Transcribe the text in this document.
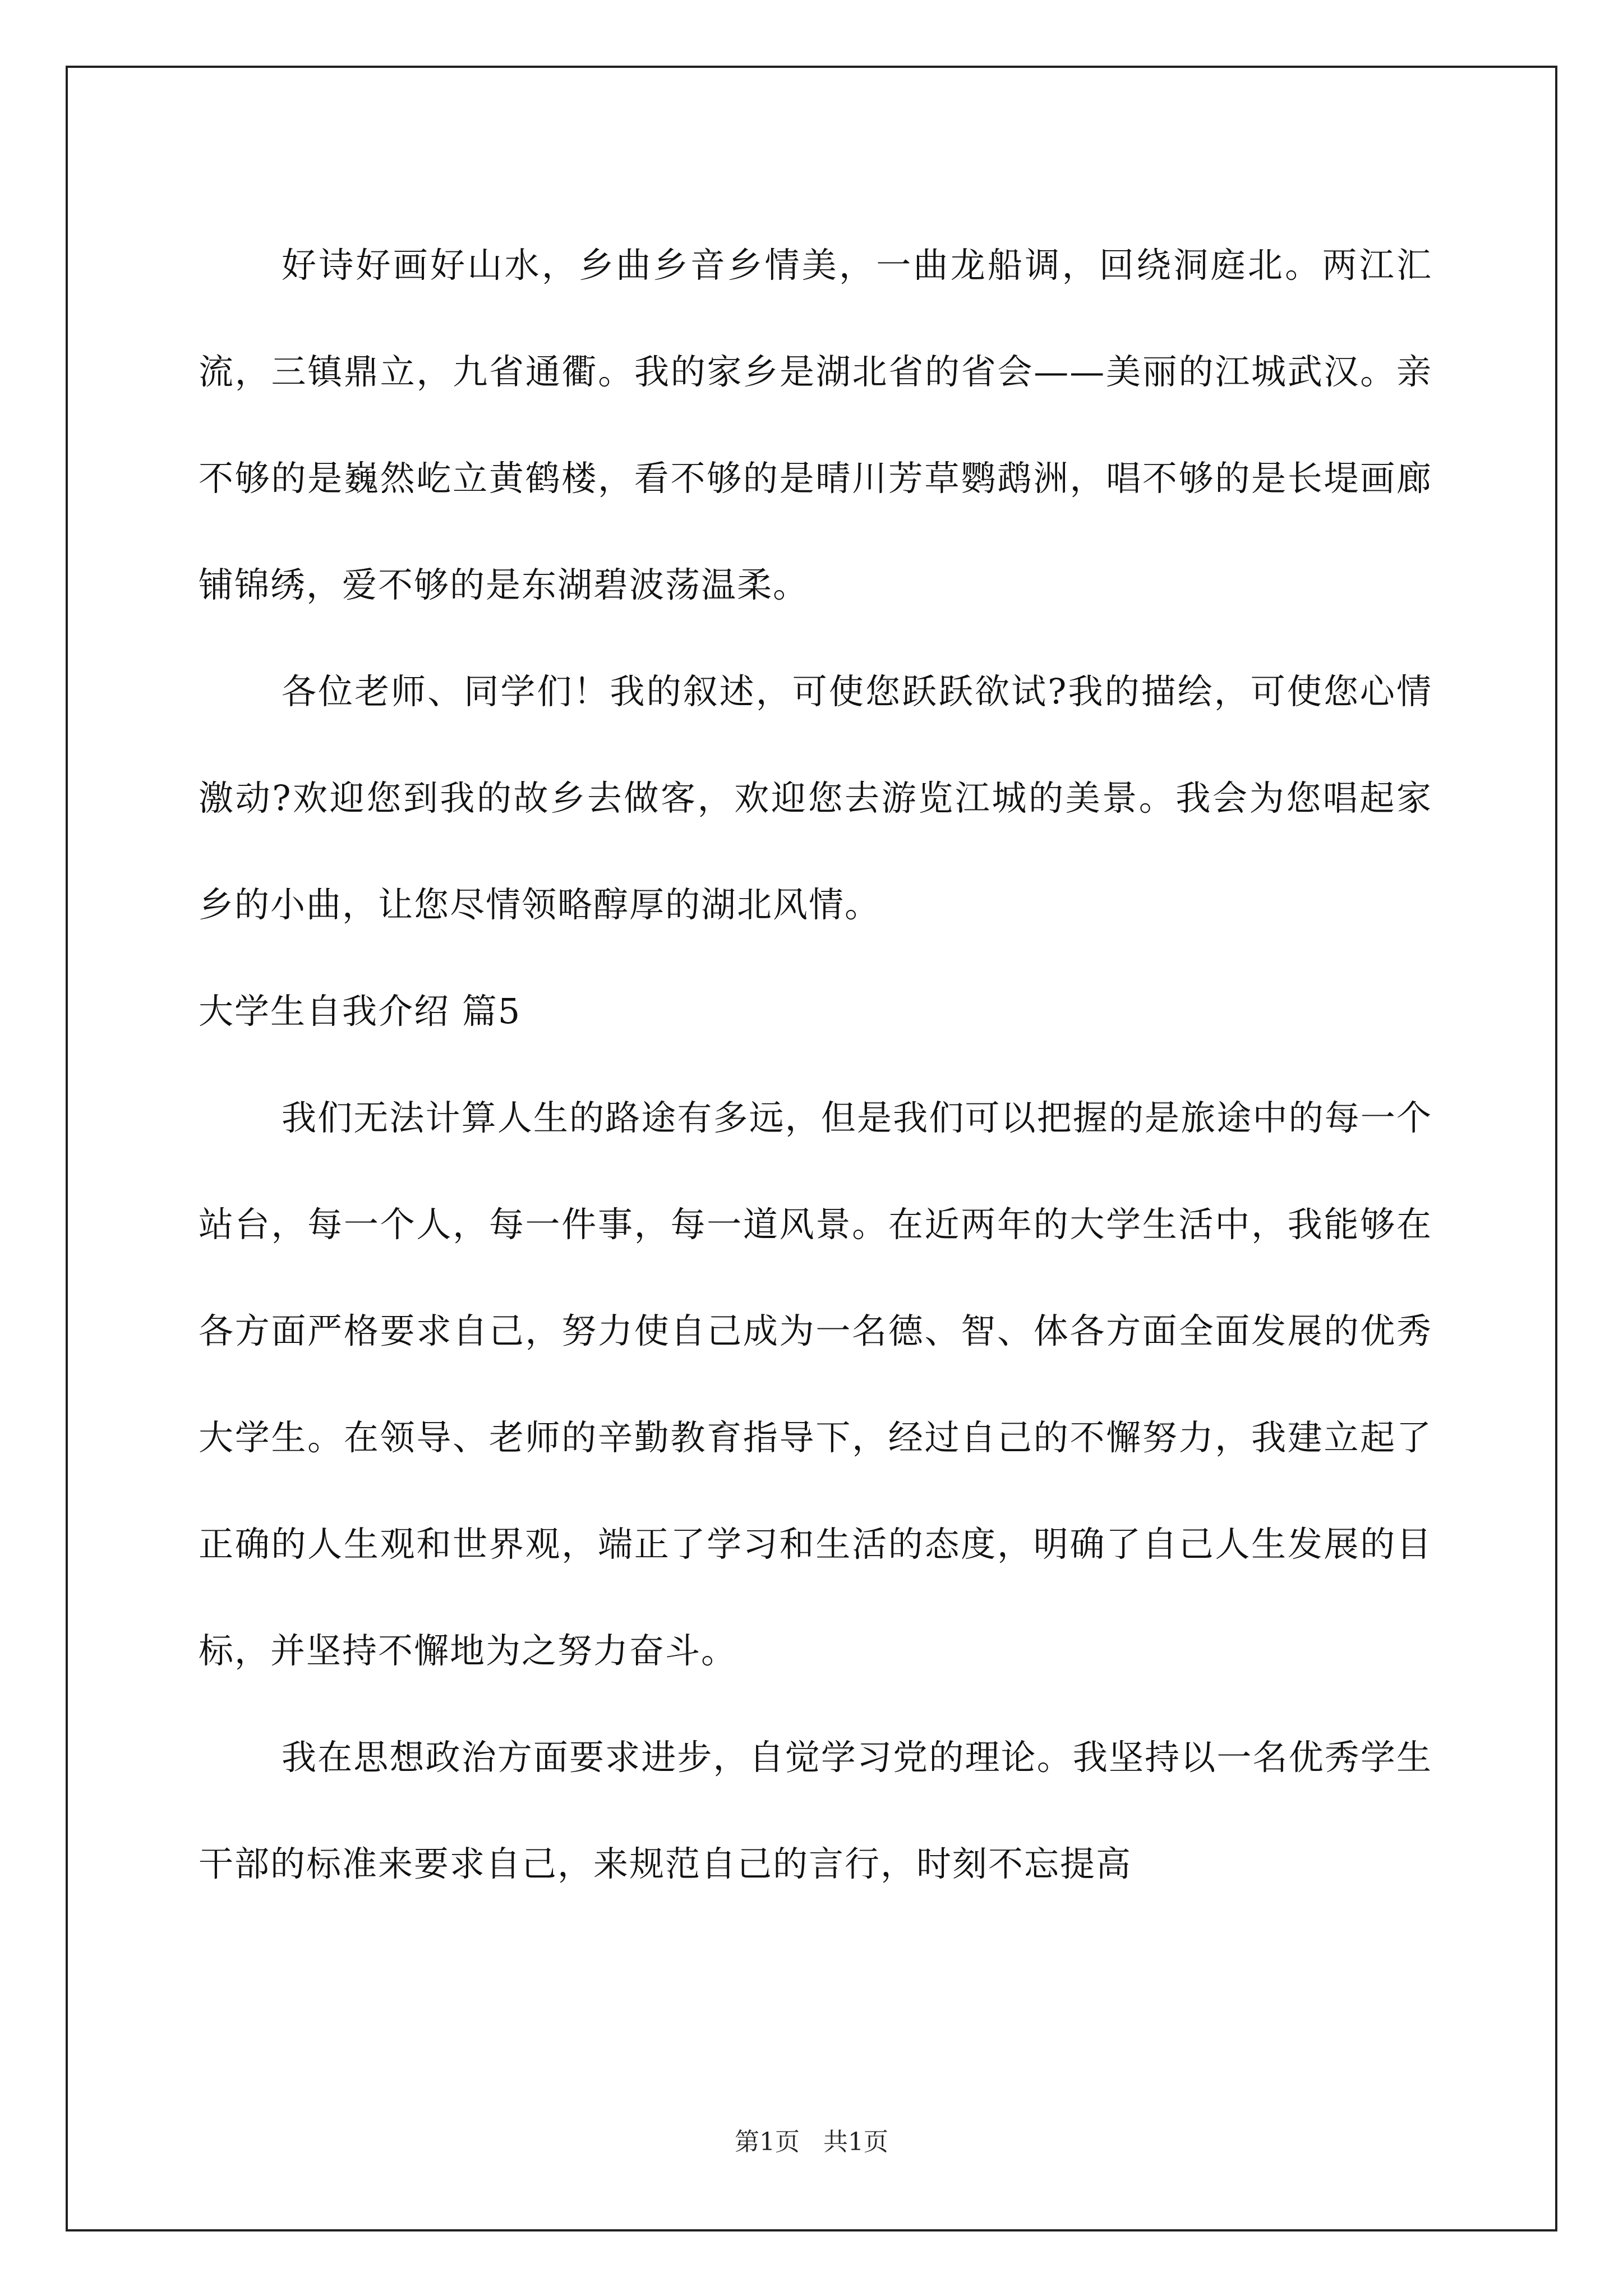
好诗好画好山水，乡曲乡音乡情美，一曲龙船调，回绕洞庭北。两江汇流，三镇鼎立，九省通衢。我的家乡是湖北省的省会——美丽的江城武汉。亲不够的是巍然屹立黄鹤楼，看不够的是晴川芳草鹦鹉洲，唱不够的是长堤画廊铺锦绣，爱不够的是东湖碧波荡温柔。

各位老师、同学们！我的叙述，可使您跃跃欲试?我的描绘，可使您心情激动?欢迎您到我的故乡去做客，欢迎您去游览江城的美景。我会为您唱起家乡的小曲，让您尽情领略醇厚的湖北风情。

大学生自我介绍 篇5

我们无法计算人生的路途有多远，但是我们可以把握的是旅途中的每一个站台，每一个人，每一件事，每一道风景。在近两年的大学生活中，我能够在各方面严格要求自己，努力使自己成为一名德、智、体各方面全面发展的优秀大学生。在领导、老师的辛勤教育指导下，经过自己的不懈努力，我建立起了正确的人生观和世界观，端正了学习和生活的态度，明确了自己人生发展的目标，并坚持不懈地为之努力奋斗。

我在思想政治方面要求进步，自觉学习党的理论。我坚持以一名优秀学生干部的标准来要求自己，来规范自己的言行，时刻不忘提高

第1页   共1页
